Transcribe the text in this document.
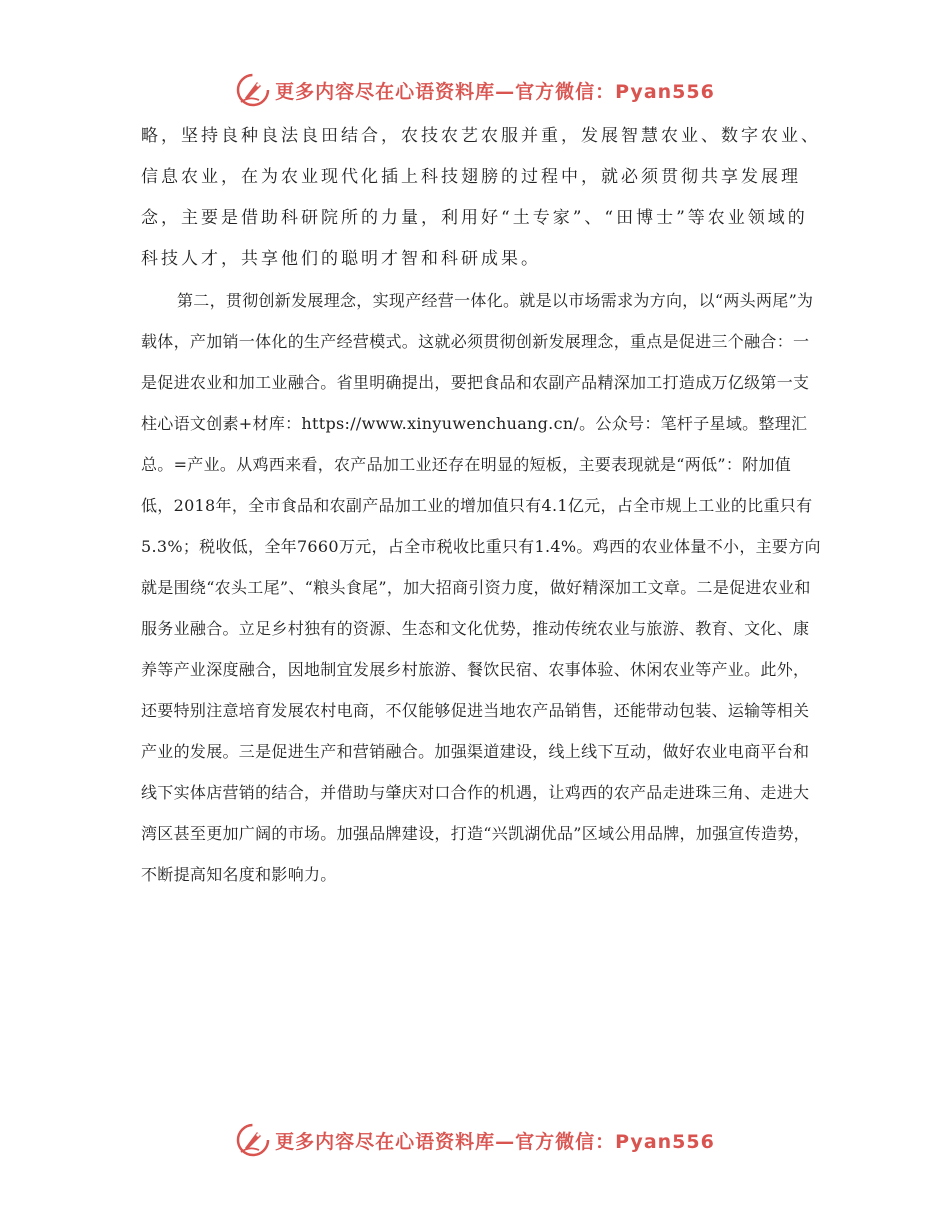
更多内容尽在心语资料库—官方微信：Pyan556

略，坚持良种良法良田结合，农技农艺农服并重，发展智慧农业、数字农业、信息农业，在为农业现代化插上科技翅膀的过程中，就必须贯彻共享发展理念，主要是借助科研院所的力量，利用好“土专家”、“田博士”等农业领域的科技人才，共享他们的聪明才智和科研成果。

第二，贯彻创新发展理念，实现产经营一体化。就是以市场需求为方向，以“两头两尾”为载体，产加销一体化的生产经营模式。这就必须贯彻创新发展理念，重点是促进三个融合：一是促进农业和加工业融合。省里明确提出，要把食品和农副产品精深加工打造成万亿级第一支柱心语文创素+材库：https://www.xinyuwenchuang.cn/。公众号：笔杆子星域。整理汇总。=产业。从鸡西来看，农产品加工业还存在明显的短板，主要表现就是“两低”：附加值低，2018年，全市食品和农副产品加工业的增加值只有4.1亿元，占全市规上工业的比重只有5.3%；税收低，全年7660万元，占全市税收比重只有1.4%。鸡西的农业体量不小，主要方向就是围绕“农头工尾”、“粮头食尾”，加大招商引资力度，做好精深加工文章。二是促进农业和服务业融合。立足乡村独有的资源、生态和文化优势，推动传统农业与旅游、教育、文化、康养等产业深度融合，因地制宜发展乡村旅游、餐饮民宿、农事体验、休闲农业等产业。此外，还要特别注意培育发展农村电商，不仅能够促进当地农产品销售，还能带动包装、运输等相关产业的发展。三是促进生产和营销融合。加强渠道建设，线上线下互动，做好农业电商平台和线下实体店营销的结合，并借助与肇庆对口合作的机遇，让鸡西的农产品走进珠三角、走进大湾区甚至更加广阔的市场。加强品牌建设，打造“兴凯湖优品”区域公用品牌，加强宣传造势，不断提高知名度和影响力。

更多内容尽在心语资料库—官方微信：Pyan556
